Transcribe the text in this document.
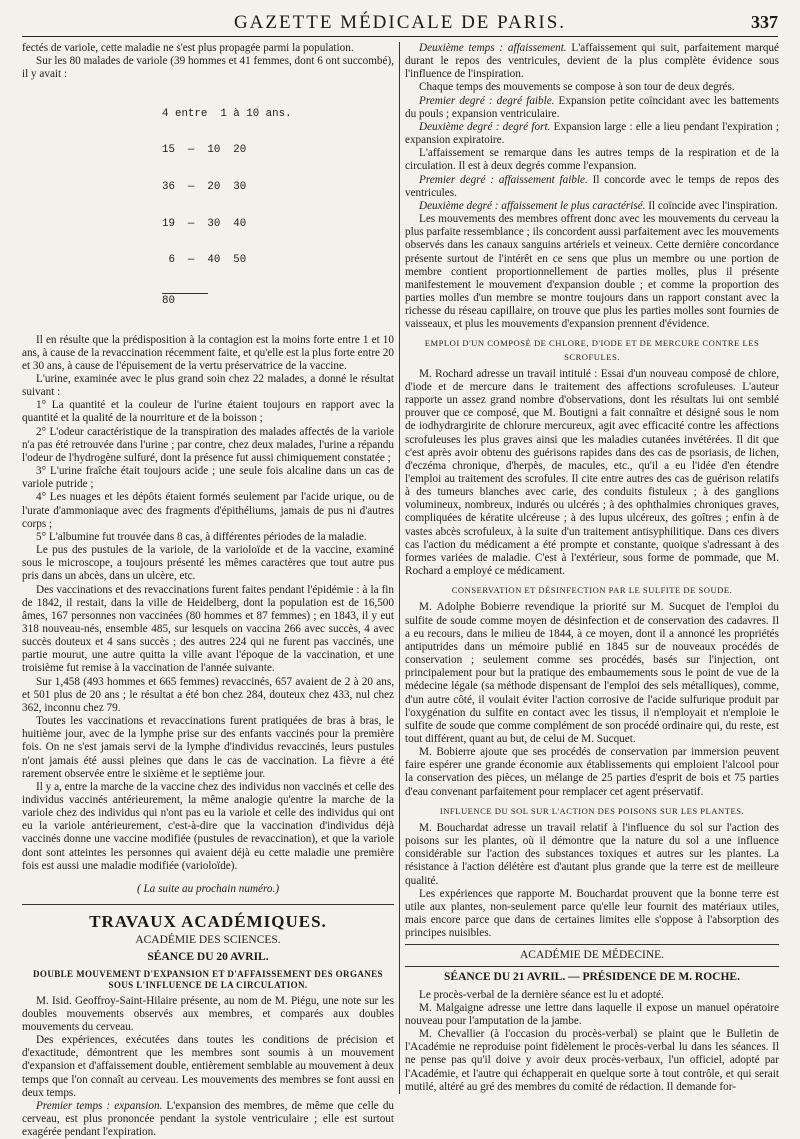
GAZETTE MÉDICALE DE PARIS.	337

fectés de variole, cette maladie ne s'est plus propagée parmi la population.

Sur les 80 malades de variole (39 hommes et 41 femmes, dont 6 ont succombé), il y avait :

4 entre  1 à 10 ans.

15  —  10  20

36  —  20  30

19  —  30  40

6  —  40  50

80

Il en résulte que la prédisposition à la contagion est la moins forte entre 1 et 10 ans, à cause de la revaccination récemment faite, et qu'elle est la plus forte entre 20 et 30 ans, à cause de l'épuisement de la vertu préservatrice de la vaccine.

L'urine, examinée avec le plus grand soin chez 22 malades, a donné le résultat suivant :

1° La quantité et la couleur de l'urine étaient toujours en rapport avec la quantité et la qualité de la nourriture et de la boisson ;

2° L'odeur caractéristique de la transpiration des malades affectés de la variole n'a pas été retrouvée dans l'urine ; par contre, chez deux malades, l'urine a répandu l'odeur de l'hydrogène sulfuré, dont la présence fut aussi chimiquement constatée ;

3° L'urine fraîche était toujours acide ; une seule fois alcaline dans un cas de variole putride ;

4° Les nuages et les dépôts étaient formés seulement par l'acide urique, ou de l'urate d'ammoniaque avec des fragments d'épithéliums, jamais de pus ni d'autres corps ;

5° L'albumine fut trouvée dans 8 cas, à différentes périodes de la maladie.

Le pus des pustules de la variole, de la varioloïde et de la vaccine, examiné sous le microscope, a toujours présenté les mêmes caractères que tout autre pus pris dans un abcès, dans un ulcère, etc.

Des vaccinations et des revaccinations furent faites pendant l'épidémie : à la fin de 1842, il restait, dans la ville de Heidelberg, dont la population est de 16,500 âmes, 167 personnes non vaccinées (80 hommes et 87 femmes) ; en 1843, il y eut 318 nouveau-nés, ensemble 485, sur lesquels on vaccina 266 avec succès, 4 avec succès douteux et 4 sans succès ; des autres 224 qui ne furent pas vaccinés, une partie mourut, une autre quitta la ville avant l'époque de la vaccination, et une troisième fut remise à la vaccination de l'année suivante.

Sur 1,458 (493 hommes et 665 femmes) revaccinés, 657 avaient de 2 à 20 ans, et 501 plus de 20 ans ; le résultat a été bon chez 284, douteux chez 433, nul chez 362, inconnu chez 79.

Toutes les vaccinations et revaccinations furent pratiquées de bras à bras, le huitième jour, avec de la lymphe prise sur des enfants vaccinés pour la première fois. On ne s'est jamais servi de la lymphe d'individus revaccinés, leurs pustules n'ont jamais été aussi pleines que dans le cas de vaccination. La fièvre a été rarement observée entre le sixième et le septième jour.

Il y a, entre la marche de la vaccine chez des individus non vaccinés et celle des individus vaccinés antérieurement, la même analogie qu'entre la marche de la variole chez des individus qui n'ont pas eu la variole et celle des individus qui ont eu la variole antérieurement, c'est-à-dire que la vaccination d'individus déjà vaccinés donne une vaccine modifiée (pustules de revaccination), et que la variole dont sont atteintes les personnes qui avaient déjà eu cette maladie une première fois est aussi une maladie modifiée (varioloïde).

( La suite au prochain numéro.)
TRAVAUX ACADÉMIQUES.
ACADÉMIE DES SCIENCES.
SÉANCE DU 20 AVRIL.
DOUBLE MOUVEMENT D'EXPANSION ET D'AFFAISSEMENT DES ORGANES SOUS L'INFLUENCE DE LA CIRCULATION.

M. Isid. Geoffroy-Saint-Hilaire présente, au nom de M. Piégu, une note sur les doubles mouvements observés aux membres, et comparés aux doubles mouvements du cerveau.

Des expériences, exécutées dans toutes les conditions de précision et d'exactitude, démontrent que les membres sont soumis à un mouvement d'expansion et d'affaissement double, entièrement semblable au mouvement à deux temps que l'on connaît au cerveau. Les mouvements des membres se font aussi en deux temps.

Premier temps : expansion. L'expansion des membres, de même que celle du cerveau, est plus prononcée pendant la systole ventriculaire ; elle est surtout exagérée pendant l'expiration.

Deuxième temps : affaissement. L'affaissement qui suit, parfaitement marqué durant le repos des ventricules, devient de la plus complète évidence sous l'influence de l'inspiration.

Chaque temps des mouvements se compose à son tour de deux degrés.

Premier degré : degré faible. Expansion petite coïncidant avec les battements du pouls ; expansion ventriculaire.

Deuxième degré : degré fort. Expansion large : elle a lieu pendant l'expiration ; expansion expiratoire.

L'affaissement se remarque dans les autres temps de la respiration et de la circulation. Il est à deux degrés comme l'expansion.

Premier degré : affaissement faible. Il concorde avec le temps de repos des ventricules.

Deuxième degré : affaissement le plus caractérisé. Il coïncide avec l'inspiration.

Les mouvements des membres offrent donc avec les mouvements du cerveau la plus parfaite ressemblance ; ils concordent aussi parfaitement avec les mouvements observés dans les canaux sanguins artériels et veineux. Cette dernière concordance présente surtout de l'intérêt en ce sens que plus un membre ou une portion de membre contient proportionnellement de parties molles, plus il présente manifestement le mouvement d'expansion double ; et comme la proportion des parties molles d'un membre se montre toujours dans un rapport constant avec la richesse du réseau capillaire, on trouve que plus les parties molles sont fournies de vaisseaux, et plus les mouvements d'expansion prennent d'évidence.

EMPLOI D'UN COMPOSÉ DE CHLORE, D'IODE ET DE MERCURE CONTRE LES SCROFULES.

M. Rochard adresse un travail intitulé : Essai d'un nouveau composé de chlore, d'iode et de mercure dans le traitement des affections scrofuleuses. L'auteur rapporte un assez grand nombre d'observations, dont les résultats lui ont semblé prouver que ce composé, que M. Boutigni a fait connaître et désigné sous le nom de iodhydrargirite de chlorure mercureux, agit avec efficacité contre les affections scrofuleuses les plus graves ainsi que les maladies cutanées invétérées. Il dit que c'est après avoir obtenu des guérisons rapides dans des cas de psoriasis, de lichen, d'eczéma chronique, d'herpès, de macules, etc., qu'il a eu l'idée d'en étendre l'emploi au traitement des scrofules. Il cite entre autres des cas de guérison relatifs à des tumeurs blanches avec carie, des conduits fistuleux ; à des ganglions volumineux, nombreux, indurés ou ulcérés ; à des ophthalmies chroniques graves, compliquées de kératite ulcéreuse ; à des lupus ulcéreux, des goîtres ; enfin à de vastes abcès scrofuleux, à la suite d'un traitement antisyphilitique. Dans ces divers cas l'action du médicament a été prompte et constante, quoique s'adressant à des formes variées de maladie. C'est à l'extérieur, sous forme de pommade, que M. Rochard a employé ce médicament.

CONSERVATION ET DÉSINFECTION PAR LE SULFITE DE SOUDE.

M. Adolphe Bobierre revendique la priorité sur M. Sucquet de l'emploi du sulfite de soude comme moyen de désinfection et de conservation des cadavres. Il a eu recours, dans le milieu de 1844, à ce moyen, dont il a annoncé les propriétés antiputrides dans un mémoire publié en 1845 sur de nouveaux procédés de conservation ; seulement comme ses procédés, basés sur l'injection, ont principalement pour but la pratique des embaumements sous le point de vue de la médecine légale (sa méthode dispensant de l'emploi des sels métalliques), comme, d'un autre côté, il voulait éviter l'action corrosive de l'acide sulfurique produit par l'oxygénation du sulfite en contact avec les tissus, il n'employait et n'emploie le sulfite de soude que comme complément de son procédé ordinaire qui, du reste, est tout différent, quant au but, de celui de M. Sucquet.

M. Bobierre ajoute que ses procédés de conservation par immersion peuvent faire espérer une grande économie aux établissements qui emploient l'alcool pour la conservation des pièces, un mélange de 25 parties d'esprit de bois et 75 parties d'eau convenant parfaitement pour remplacer cet agent préservatif.

INFLUENCE DU SOL SUR L'ACTION DES POISONS SUR LES PLANTES.

M. Bouchardat adresse un travail relatif à l'influence du sol sur l'action des poisons sur les plantes, où il démontre que la nature du sol a une influence considérable sur l'action des substances toxiques et autres sur les plantes. La résistance à l'action délétère est d'autant plus grande que la terre est de meilleure qualité.

Les expériences que rapporte M. Bouchardat prouvent que la bonne terre est utile aux plantes, non-seulement parce qu'elle leur fournit des matériaux utiles, mais encore parce que dans de certaines limites elle s'oppose à l'absorption des principes nuisibles.

ACADÉMIE DE MÉDECINE.
SÉANCE DU 21 AVRIL. — PRÉSIDENCE DE M. ROCHE.

Le procès-verbal de la dernière séance est lu et adopté.

M. Malgaigne adresse une lettre dans laquelle il expose un manuel opératoire nouveau pour l'amputation de la jambe.

M. Chevallier (à l'occasion du procès-verbal) se plaint que le Bulletin de l'Académie ne reproduise point fidèlement le procès-verbal lu dans les séances. Il ne pense pas qu'il doive y avoir deux procès-verbaux, l'un officiel, adopté par l'Académie, et l'autre qui échapperait en quelque sorte à tout contrôle, et qui serait mutilé, altéré au gré des membres du comité de rédaction. Il demande for-
